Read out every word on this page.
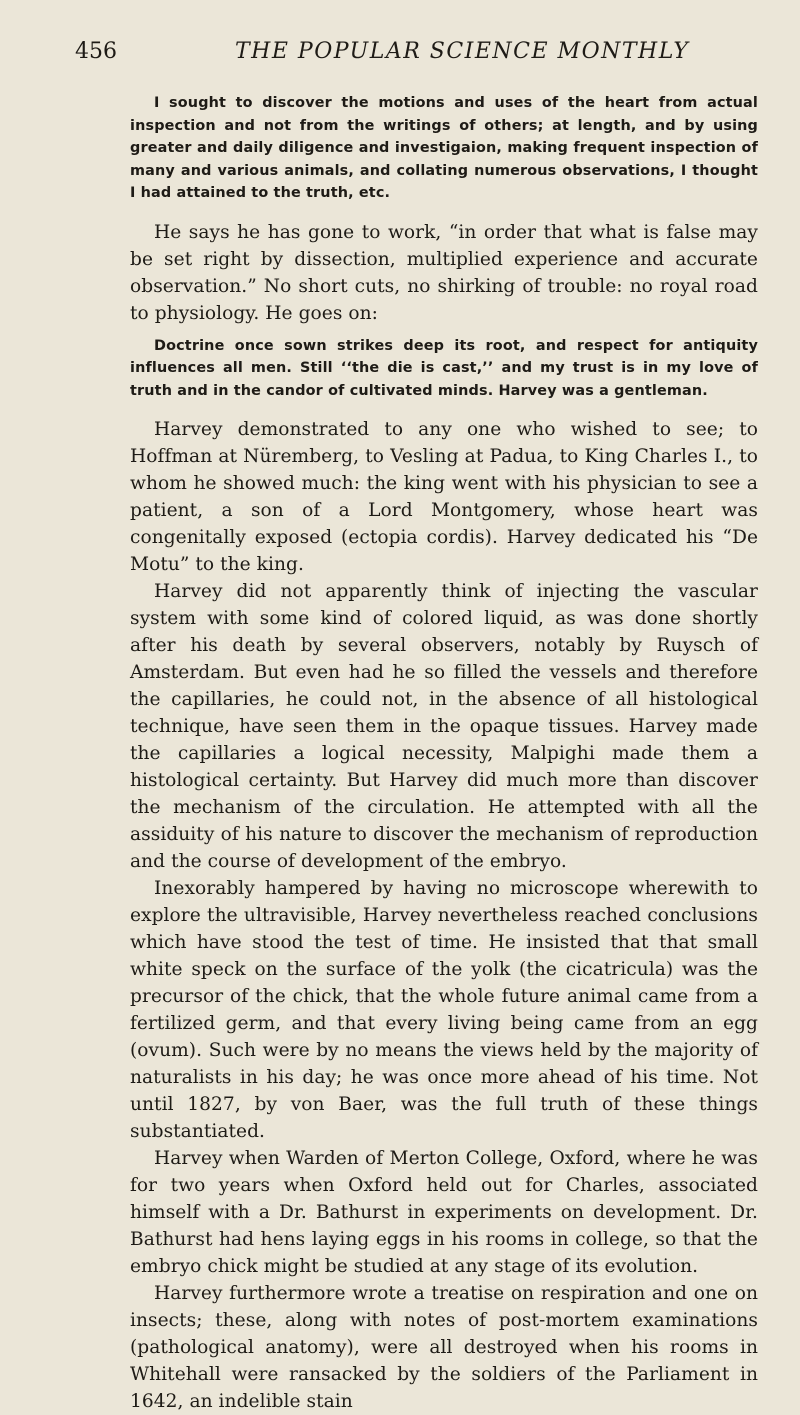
456	THE POPULAR SCIENCE MONTHLY

I sought to discover the motions and uses of the heart from actual inspection and not from the writings of others; at length, and by using greater and daily diligence and investigaion, making frequent inspection of many and various animals, and collating numerous observations, I thought I had attained to the truth, etc.

He says he has gone to work, “in order that what is false may be set right by dissection, multiplied experience and accurate observation.” No short cuts, no shirking of trouble: no royal road to physiology. He goes on:

Doctrine once sown strikes deep its root, and respect for antiquity influences all men. Still ‘‘the die is cast,’’ and my trust is in my love of truth and in the candor of cultivated minds. Harvey was a gentleman.

Harvey demonstrated to any one who wished to see; to Hoffman at Nüremberg, to Vesling at Padua, to King Charles I., to whom he showed much: the king went with his physician to see a patient, a son of a Lord Montgomery, whose heart was congenitally exposed (ectopia cordis). Harvey dedicated his “De Motu” to the king.

Harvey did not apparently think of injecting the vascular system with some kind of colored liquid, as was done shortly after his death by several observers, notably by Ruysch of Amsterdam. But even had he so filled the vessels and therefore the capillaries, he could not, in the absence of all histological technique, have seen them in the opaque tissues. Harvey made the capillaries a logical necessity, Malpighi made them a histological certainty. But Harvey did much more than discover the mechanism of the circulation. He attempted with all the assiduity of his nature to discover the mechanism of reproduction and the course of development of the embryo.

Inexorably hampered by having no microscope wherewith to explore the ultravisible, Harvey nevertheless reached conclusions which have stood the test of time. He insisted that that small white speck on the surface of the yolk (the cicatricula) was the precursor of the chick, that the whole future animal came from a fertilized germ, and that every living being came from an egg (ovum). Such were by no means the views held by the majority of naturalists in his day; he was once more ahead of his time. Not until 1827, by von Baer, was the full truth of these things substantiated.

Harvey when Warden of Merton College, Oxford, where he was for two years when Oxford held out for Charles, associated himself with a Dr. Bathurst in experiments on development. Dr. Bathurst had hens laying eggs in his rooms in college, so that the embryo chick might be studied at any stage of its evolution.

Harvey furthermore wrote a treatise on respiration and one on insects; these, along with notes of post-mortem examinations (pathological anatomy), were all destroyed when his rooms in Whitehall were ransacked by the soldiers of the Parliament in 1642, an indelible stain
